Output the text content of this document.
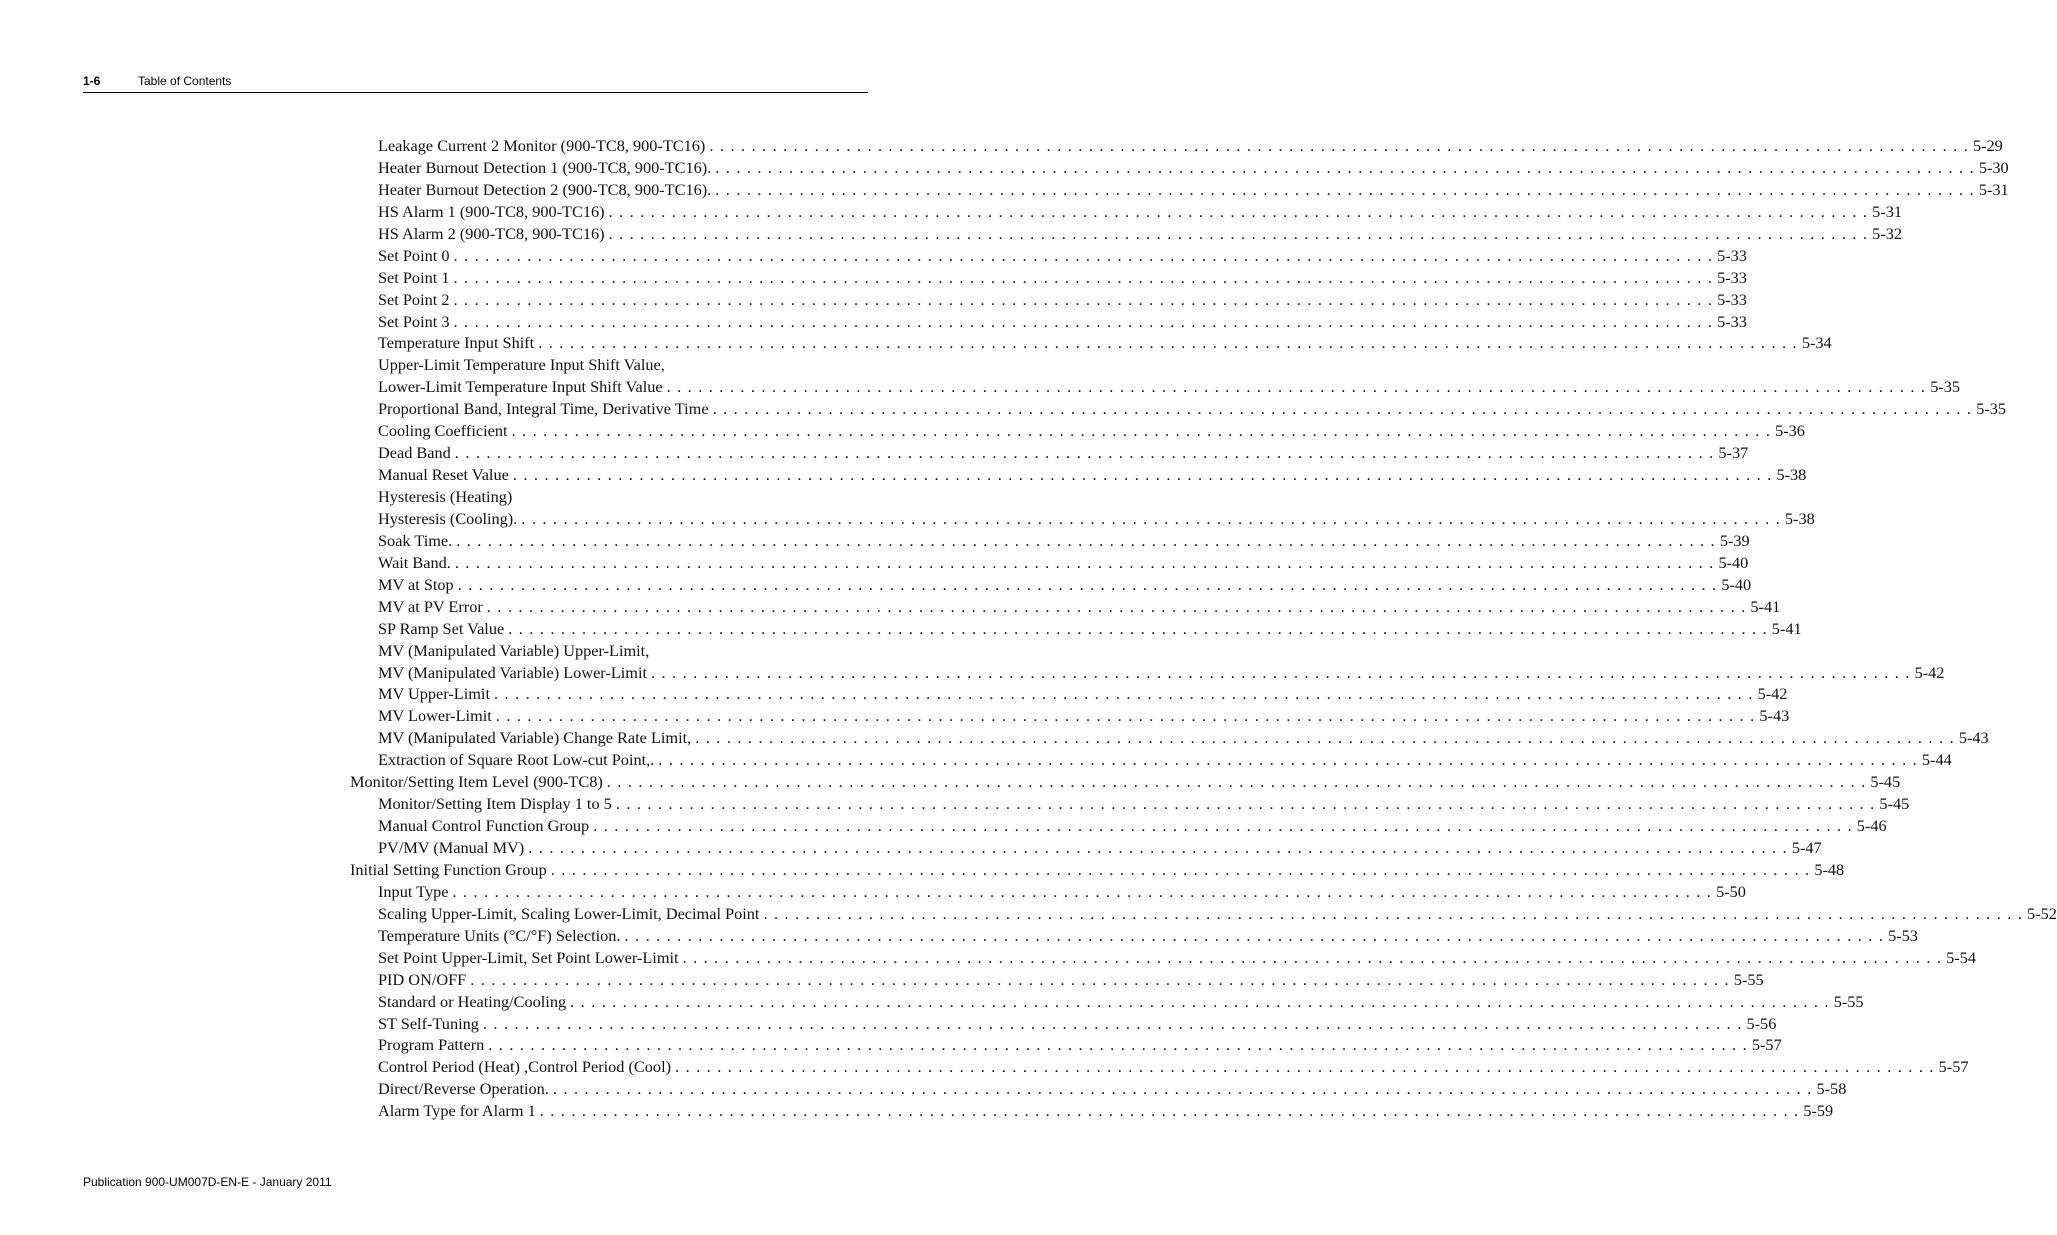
1-6	Table of Contents
Leakage Current 2 Monitor (900-TC8, 900-TC16) . . . . . . . . . . . . . . . . . . . . . . . . . . . . . . . . . . . . . . . . . . . . . . . . . . . . . . . . . . . . . . . . . . . . . . . . . . . . . . . . . . . . . . . . . . . . . . . . . . . . . . . . . . . . . . . . . . . . . . . . 5-29
Heater Burnout Detection 1 (900-TC8, 900-TC16). . . . . . . . . . . . . . . . . . . . . . . . . . . . . . . . . . . . . . . . . . . . . . . . . . . . . . . . . . . . . . . . . . . . . . . . . . . . . . . . . . . . . . . . . . . . . . . . . . . . . . . . . . . . . . . . . . . . . . . . . 5-30
Heater Burnout Detection 2 (900-TC8, 900-TC16). . . . . . . . . . . . . . . . . . . . . . . . . . . . . . . . . . . . . . . . . . . . . . . . . . . . . . . . . . . . . . . . . . . . . . . . . . . . . . . . . . . . . . . . . . . . . . . . . . . . . . . . . . . . . . . . . . . . . . . . . 5-31
HS Alarm 1 (900-TC8, 900-TC16) . . . . . . . . . . . . . . . . . . . . . . . . . . . . . . . . . . . . . . . . . . . . . . . . . . . . . . . . . . . . . . . . . . . . . . . . . . . . . . . . . . . . . . . . . . . . . . . . . . . . . . . . . . . . . . . . . . . . . . . . 5-31
HS Alarm 2 (900-TC8, 900-TC16) . . . . . . . . . . . . . . . . . . . . . . . . . . . . . . . . . . . . . . . . . . . . . . . . . . . . . . . . . . . . . . . . . . . . . . . . . . . . . . . . . . . . . . . . . . . . . . . . . . . . . . . . . . . . . . . . . . . . . . . . 5-32
Set Point 0 . . . . . . . . . . . . . . . . . . . . . . . . . . . . . . . . . . . . . . . . . . . . . . . . . . . . . . . . . . . . . . . . . . . . . . . . . . . . . . . . . . . . . . . . . . . . . . . . . . . . . . . . . . . . . . . . . . . . . . . . 5-33
Set Point 1 . . . . . . . . . . . . . . . . . . . . . . . . . . . . . . . . . . . . . . . . . . . . . . . . . . . . . . . . . . . . . . . . . . . . . . . . . . . . . . . . . . . . . . . . . . . . . . . . . . . . . . . . . . . . . . . . . . . . . . . . 5-33
Set Point 2 . . . . . . . . . . . . . . . . . . . . . . . . . . . . . . . . . . . . . . . . . . . . . . . . . . . . . . . . . . . . . . . . . . . . . . . . . . . . . . . . . . . . . . . . . . . . . . . . . . . . . . . . . . . . . . . . . . . . . . . . 5-33
Set Point 3 . . . . . . . . . . . . . . . . . . . . . . . . . . . . . . . . . . . . . . . . . . . . . . . . . . . . . . . . . . . . . . . . . . . . . . . . . . . . . . . . . . . . . . . . . . . . . . . . . . . . . . . . . . . . . . . . . . . . . . . . 5-33
Temperature Input Shift . . . . . . . . . . . . . . . . . . . . . . . . . . . . . . . . . . . . . . . . . . . . . . . . . . . . . . . . . . . . . . . . . . . . . . . . . . . . . . . . . . . . . . . . . . . . . . . . . . . . . . . . . . . . . . . . . . . . . . . . 5-34
Upper-Limit Temperature Input Shift Value,
Lower-Limit Temperature Input Shift Value . . . . . . . . . . . . . . . . . . . . . . . . . . . . . . . . . . . . . . . . . . . . . . . . . . . . . . . . . . . . . . . . . . . . . . . . . . . . . . . . . . . . . . . . . . . . . . . . . . . . . . . . . . . . . . . . . . . . . . . . 5-35
Proportional Band, Integral Time, Derivative Time . . . . . . . . . . . . . . . . . . . . . . . . . . . . . . . . . . . . . . . . . . . . . . . . . . . . . . . . . . . . . . . . . . . . . . . . . . . . . . . . . . . . . . . . . . . . . . . . . . . . . . . . . . . . . . . . . . . . . . . . 5-35
Cooling Coefficient . . . . . . . . . . . . . . . . . . . . . . . . . . . . . . . . . . . . . . . . . . . . . . . . . . . . . . . . . . . . . . . . . . . . . . . . . . . . . . . . . . . . . . . . . . . . . . . . . . . . . . . . . . . . . . . . . . . . . . . . 5-36
Dead Band . . . . . . . . . . . . . . . . . . . . . . . . . . . . . . . . . . . . . . . . . . . . . . . . . . . . . . . . . . . . . . . . . . . . . . . . . . . . . . . . . . . . . . . . . . . . . . . . . . . . . . . . . . . . . . . . . . . . . . . . 5-37
Manual Reset Value . . . . . . . . . . . . . . . . . . . . . . . . . . . . . . . . . . . . . . . . . . . . . . . . . . . . . . . . . . . . . . . . . . . . . . . . . . . . . . . . . . . . . . . . . . . . . . . . . . . . . . . . . . . . . . . . . . . . . . . . 5-38
Hysteresis (Heating)
Hysteresis (Cooling). . . . . . . . . . . . . . . . . . . . . . . . . . . . . . . . . . . . . . . . . . . . . . . . . . . . . . . . . . . . . . . . . . . . . . . . . . . . . . . . . . . . . . . . . . . . . . . . . . . . . . . . . . . . . . . . . . . . . . . . . 5-38
Soak Time. . . . . . . . . . . . . . . . . . . . . . . . . . . . . . . . . . . . . . . . . . . . . . . . . . . . . . . . . . . . . . . . . . . . . . . . . . . . . . . . . . . . . . . . . . . . . . . . . . . . . . . . . . . . . . . . . . . . . . . . . 5-39
Wait Band. . . . . . . . . . . . . . . . . . . . . . . . . . . . . . . . . . . . . . . . . . . . . . . . . . . . . . . . . . . . . . . . . . . . . . . . . . . . . . . . . . . . . . . . . . . . . . . . . . . . . . . . . . . . . . . . . . . . . . . . . 5-40
MV at Stop . . . . . . . . . . . . . . . . . . . . . . . . . . . . . . . . . . . . . . . . . . . . . . . . . . . . . . . . . . . . . . . . . . . . . . . . . . . . . . . . . . . . . . . . . . . . . . . . . . . . . . . . . . . . . . . . . . . . . . . . 5-40
MV at PV Error . . . . . . . . . . . . . . . . . . . . . . . . . . . . . . . . . . . . . . . . . . . . . . . . . . . . . . . . . . . . . . . . . . . . . . . . . . . . . . . . . . . . . . . . . . . . . . . . . . . . . . . . . . . . . . . . . . . . . . . . 5-41
SP Ramp Set Value . . . . . . . . . . . . . . . . . . . . . . . . . . . . . . . . . . . . . . . . . . . . . . . . . . . . . . . . . . . . . . . . . . . . . . . . . . . . . . . . . . . . . . . . . . . . . . . . . . . . . . . . . . . . . . . . . . . . . . . . 5-41
MV (Manipulated Variable) Upper-Limit,
MV (Manipulated Variable) Lower-Limit . . . . . . . . . . . . . . . . . . . . . . . . . . . . . . . . . . . . . . . . . . . . . . . . . . . . . . . . . . . . . . . . . . . . . . . . . . . . . . . . . . . . . . . . . . . . . . . . . . . . . . . . . . . . . . . . . . . . . . . . 5-42
MV Upper-Limit . . . . . . . . . . . . . . . . . . . . . . . . . . . . . . . . . . . . . . . . . . . . . . . . . . . . . . . . . . . . . . . . . . . . . . . . . . . . . . . . . . . . . . . . . . . . . . . . . . . . . . . . . . . . . . . . . . . . . . . . 5-42
MV Lower-Limit . . . . . . . . . . . . . . . . . . . . . . . . . . . . . . . . . . . . . . . . . . . . . . . . . . . . . . . . . . . . . . . . . . . . . . . . . . . . . . . . . . . . . . . . . . . . . . . . . . . . . . . . . . . . . . . . . . . . . . . . 5-43
MV (Manipulated Variable) Change Rate Limit, . . . . . . . . . . . . . . . . . . . . . . . . . . . . . . . . . . . . . . . . . . . . . . . . . . . . . . . . . . . . . . . . . . . . . . . . . . . . . . . . . . . . . . . . . . . . . . . . . . . . . . . . . . . . . . . . . . . . . . . . 5-43
Extraction of Square Root Low-cut Point,. . . . . . . . . . . . . . . . . . . . . . . . . . . . . . . . . . . . . . . . . . . . . . . . . . . . . . . . . . . . . . . . . . . . . . . . . . . . . . . . . . . . . . . . . . . . . . . . . . . . . . . . . . . . . . . . . . . . . . . . . 5-44
Monitor/Setting Item Level (900-TC8) . . . . . . . . . . . . . . . . . . . . . . . . . . . . . . . . . . . . . . . . . . . . . . . . . . . . . . . . . . . . . . . . . . . . . . . . . . . . . . . . . . . . . . . . . . . . . . . . . . . . . . . . . . . . . . . . . . . . . . . . 5-45
Monitor/Setting Item Display 1 to 5 . . . . . . . . . . . . . . . . . . . . . . . . . . . . . . . . . . . . . . . . . . . . . . . . . . . . . . . . . . . . . . . . . . . . . . . . . . . . . . . . . . . . . . . . . . . . . . . . . . . . . . . . . . . . . . . . . . . . . . . . 5-45
Manual Control Function Group . . . . . . . . . . . . . . . . . . . . . . . . . . . . . . . . . . . . . . . . . . . . . . . . . . . . . . . . . . . . . . . . . . . . . . . . . . . . . . . . . . . . . . . . . . . . . . . . . . . . . . . . . . . . . . . . . . . . . . . . 5-46
PV/MV (Manual MV) . . . . . . . . . . . . . . . . . . . . . . . . . . . . . . . . . . . . . . . . . . . . . . . . . . . . . . . . . . . . . . . . . . . . . . . . . . . . . . . . . . . . . . . . . . . . . . . . . . . . . . . . . . . . . . . . . . . . . . . . 5-47
Initial Setting Function Group . . . . . . . . . . . . . . . . . . . . . . . . . . . . . . . . . . . . . . . . . . . . . . . . . . . . . . . . . . . . . . . . . . . . . . . . . . . . . . . . . . . . . . . . . . . . . . . . . . . . . . . . . . . . . . . . . . . . . . . . 5-48
Input Type . . . . . . . . . . . . . . . . . . . . . . . . . . . . . . . . . . . . . . . . . . . . . . . . . . . . . . . . . . . . . . . . . . . . . . . . . . . . . . . . . . . . . . . . . . . . . . . . . . . . . . . . . . . . . . . . . . . . . . . . 5-50
Scaling Upper-Limit, Scaling Lower-Limit, Decimal Point . . . . . . . . . . . . . . . . . . . . . . . . . . . . . . . . . . . . . . . . . . . . . . . . . . . . . . . . . . . . . . . . . . . . . . . . . . . . . . . . . . . . . . . . . . . . . . . . . . . . . . . . . . . . . . . . . . . . . . . . 5-52
Temperature Units (°C/°F) Selection. . . . . . . . . . . . . . . . . . . . . . . . . . . . . . . . . . . . . . . . . . . . . . . . . . . . . . . . . . . . . . . . . . . . . . . . . . . . . . . . . . . . . . . . . . . . . . . . . . . . . . . . . . . . . . . . . . . . . . . . . 5-53
Set Point Upper-Limit, Set Point Lower-Limit . . . . . . . . . . . . . . . . . . . . . . . . . . . . . . . . . . . . . . . . . . . . . . . . . . . . . . . . . . . . . . . . . . . . . . . . . . . . . . . . . . . . . . . . . . . . . . . . . . . . . . . . . . . . . . . . . . . . . . . . 5-54
PID ON/OFF . . . . . . . . . . . . . . . . . . . . . . . . . . . . . . . . . . . . . . . . . . . . . . . . . . . . . . . . . . . . . . . . . . . . . . . . . . . . . . . . . . . . . . . . . . . . . . . . . . . . . . . . . . . . . . . . . . . . . . . . 5-55
Standard or Heating/Cooling . . . . . . . . . . . . . . . . . . . . . . . . . . . . . . . . . . . . . . . . . . . . . . . . . . . . . . . . . . . . . . . . . . . . . . . . . . . . . . . . . . . . . . . . . . . . . . . . . . . . . . . . . . . . . . . . . . . . . . . . 5-55
ST Self-Tuning . . . . . . . . . . . . . . . . . . . . . . . . . . . . . . . . . . . . . . . . . . . . . . . . . . . . . . . . . . . . . . . . . . . . . . . . . . . . . . . . . . . . . . . . . . . . . . . . . . . . . . . . . . . . . . . . . . . . . . . . 5-56
Program Pattern . . . . . . . . . . . . . . . . . . . . . . . . . . . . . . . . . . . . . . . . . . . . . . . . . . . . . . . . . . . . . . . . . . . . . . . . . . . . . . . . . . . . . . . . . . . . . . . . . . . . . . . . . . . . . . . . . . . . . . . . 5-57
Control Period (Heat) ,Control Period (Cool) . . . . . . . . . . . . . . . . . . . . . . . . . . . . . . . . . . . . . . . . . . . . . . . . . . . . . . . . . . . . . . . . . . . . . . . . . . . . . . . . . . . . . . . . . . . . . . . . . . . . . . . . . . . . . . . . . . . . . . . . 5-57
Direct/Reverse Operation. . . . . . . . . . . . . . . . . . . . . . . . . . . . . . . . . . . . . . . . . . . . . . . . . . . . . . . . . . . . . . . . . . . . . . . . . . . . . . . . . . . . . . . . . . . . . . . . . . . . . . . . . . . . . . . . . . . . . . . . . 5-58
Alarm Type for Alarm 1 . . . . . . . . . . . . . . . . . . . . . . . . . . . . . . . . . . . . . . . . . . . . . . . . . . . . . . . . . . . . . . . . . . . . . . . . . . . . . . . . . . . . . . . . . . . . . . . . . . . . . . . . . . . . . . . . . . . . . . . . 5-59
Publication 900-UM007D-EN-E - January 2011
